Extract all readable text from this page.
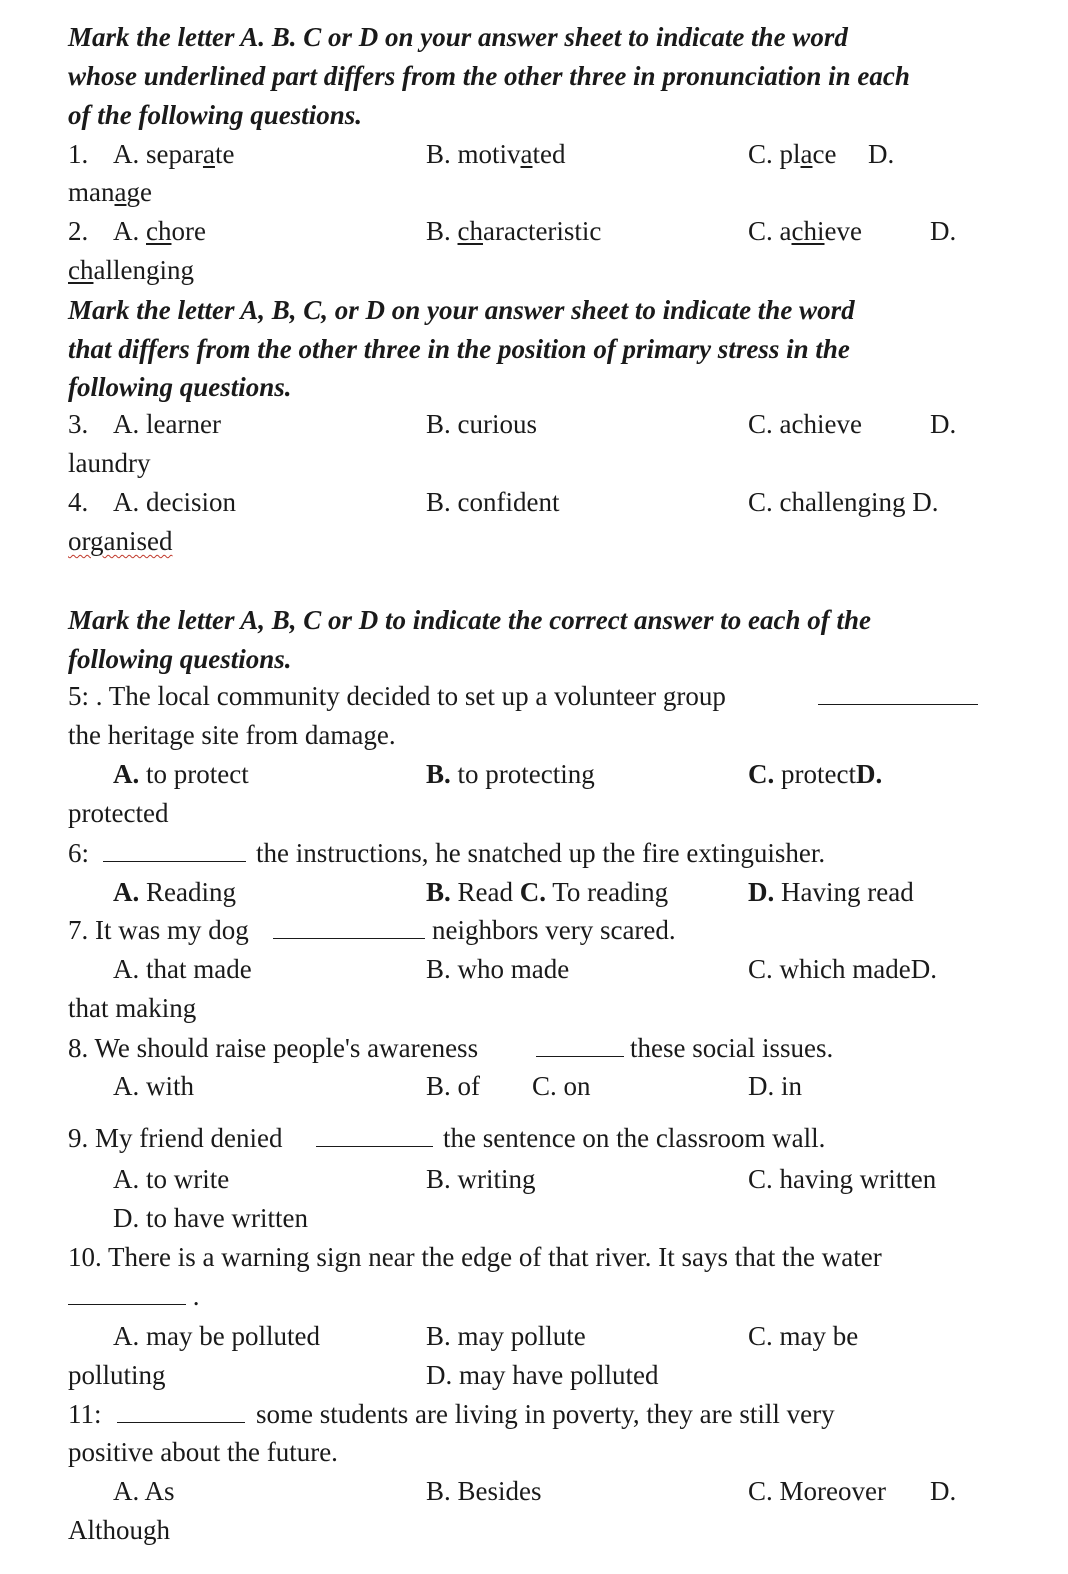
Mark the letter A. B. C or D on your answer sheet to indicate the word
whose underlined part differs from the other three in pronunciation in each
of the following questions.
1. A. separate	B. motivated	C. place D.
manage
2. A. chore	B. characteristic	C. achieve	D.
challenging
Mark the letter A, B, C, or D on your answer sheet to indicate the word
that differs from the other three in the position of primary stress in the
following questions.
3. A. learner	B. curious	C. achieve	D.
laundry
4. A. decision	B. confident	C. challenging D.
organised
Mark the letter A, B, C or D to indicate the correct answer to each of the
following questions.
5: . The local community decided to set up a volunteer group
the heritage site from damage.
A. to protect	B. to protecting	C. protectD.
protected
6:	the instructions, he snatched up the fire extinguisher.
A. Reading	B. Read C. To reading	D. Having read
7. It was my dog	neighbors very scared.
A. that made	B. who made	C. which madeD.
that making
8. We should raise people's awareness	these social issues.
A. with	B. of C. on	D. in
9. My friend denied	the sentence on the classroom wall.
A. to write	B. writing	C. having written
D. to have written
10. There is a warning sign near the edge of that river. It says that the water
.
A. may be polluted	B. may pollute	C. may be
polluting	D. may have polluted
11:	some students are living in poverty, they are still very
positive about the future.
A. As	B. Besides	C. Moreover D.
Although
